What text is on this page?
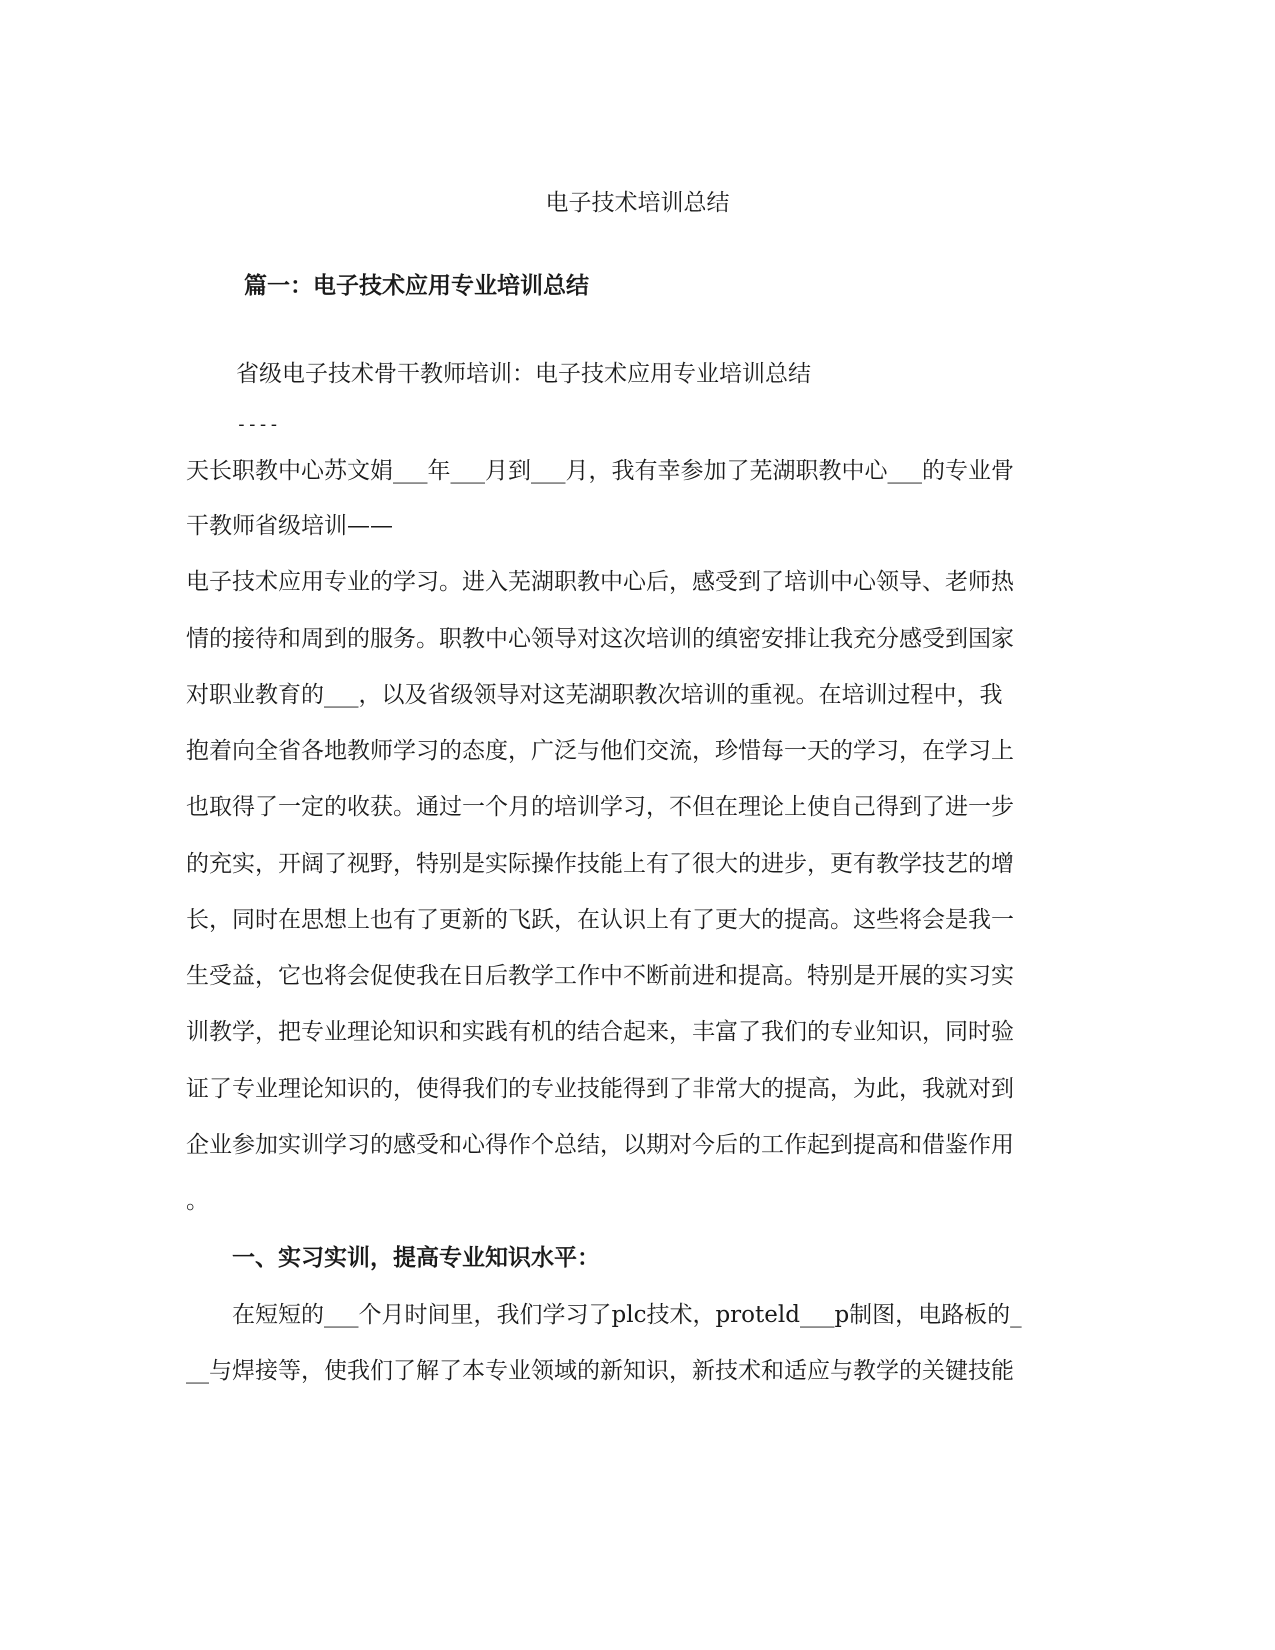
电子技术培训总结
篇一：电子技术应用专业培训总结

省级电子技术骨干教师培训：电子技术应用专业培训总结

----

天长职教中心苏文娟___年___月到___月，我有幸参加了芜湖职教中心___的专业骨

干教师省级培训——

电子技术应用专业的学习。进入芜湖职教中心后，感受到了培训中心领导、老师热

情的接待和周到的服务。职教中心领导对这次培训的缜密安排让我充分感受到国家

对职业教育的___，以及省级领导对这芜湖职教次培训的重视。在培训过程中，我

抱着向全省各地教师学习的态度，广泛与他们交流，珍惜每一天的学习，在学习上

也取得了一定的收获。通过一个月的培训学习，不但在理论上使自己得到了进一步

的充实，开阔了视野，特别是实际操作技能上有了很大的进步，更有教学技艺的增

长，同时在思想上也有了更新的飞跃，在认识上有了更大的提高。这些将会是我一

生受益，它也将会促使我在日后教学工作中不断前进和提高。特别是开展的实习实

训教学，把专业理论知识和实践有机的结合起来，丰富了我们的专业知识，同时验

证了专业理论知识的，使得我们的专业技能得到了非常大的提高，为此，我就对到

企业参加实训学习的感受和心得作个总结，以期对今后的工作起到提高和借鉴作用

。

一、实习实训，提高专业知识水平：

在短短的___个月时间里，我们学习了plc技术，proteld___p制图，电路板的_

__与焊接等，使我们了解了本专业领域的新知识，新技术和适应与教学的关键技能
